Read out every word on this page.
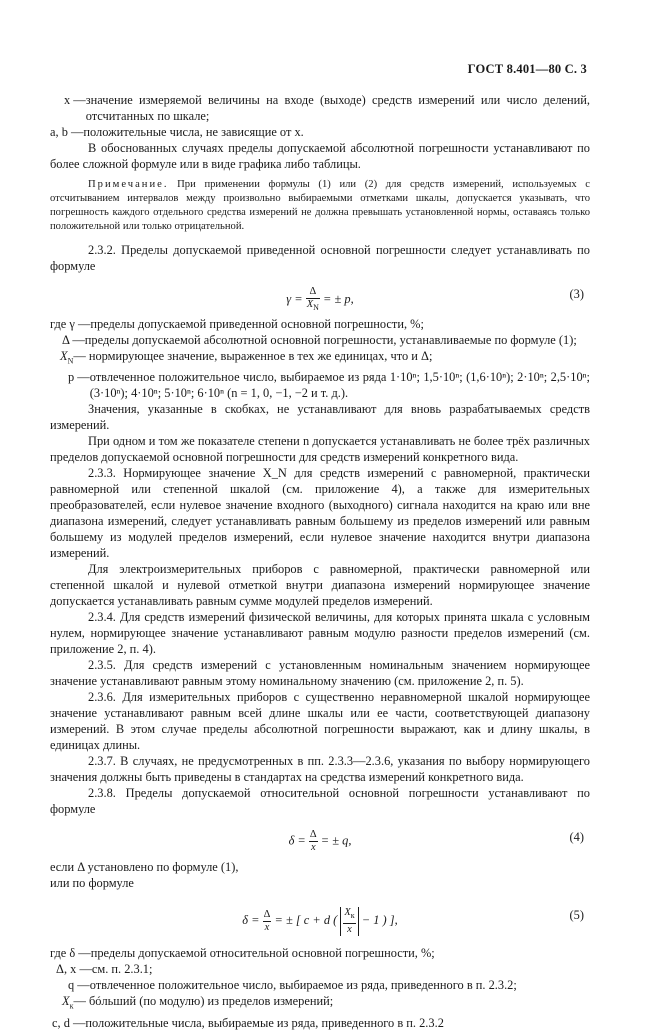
ГОСТ 8.401—80 С. 3
x — значение измеряемой величины на входе (выходе) средств измерений или число делений, отсчитанных по шкале;
a, b — положительные числа, не зависящие от x.

В обоснованных случаях пределы допускаемой абсолютной погрешности устанавливают по более сложной формуле или в виде графика либо таблицы.

Примечание. При применении формулы (1) или (2) для средств измерений, используемых с отсчитыванием интервалов между произвольно выбираемыми отметками шкалы, допускается указывать, что погрешность каждого отдельного средства измерений не должна превышать установленной нормы, оставаясь только положительной или только отрицательной.

2.3.2. Пределы допускаемой приведенной основной погрешности следует устанавливать по формуле

$\gamma = \frac{\Delta}{X_N}$ = ± p,	(3)
где γ — пределы допускаемой приведенной основной погрешности, %;
Δ — пределы допускаемой абсолютной основной погрешности, устанавливаемые по формуле (1);
$X_N$ — нормирующее значение, выраженное в тех же единицах, что и Δ;
p — отвлеченное положительное число, выбираемое из ряда 1·10ⁿ; 1,5·10ⁿ; (1,6·10ⁿ); 2·10ⁿ; 2,5·10ⁿ; (3·10ⁿ); 4·10ⁿ; 5·10ⁿ; 6·10ⁿ (n = 1, 0, −1, −2 и т. д.).

Значения, указанные в скобках, не устанавливают для вновь разрабатываемых средств измерений.

При одном и том же показателе степени n допускается устанавливать не более трёх различных пределов допускаемой основной погрешности для средств измерений конкретного вида.

2.3.3. Нормирующее значение X_N для средств измерений с равномерной, практически равномерной или степенной шкалой (см. приложение 4), а также для измерительных преобразователей, если нулевое значение входного (выходного) сигнала находится на краю или вне диапазона измерений, следует устанавливать равным большему из пределов измерений или равным большему из модулей пределов измерений, если нулевое значение находится внутри диапазона измерений.

Для электроизмерительных приборов с равномерной, практически равномерной или степенной шкалой и нулевой отметкой внутри диапазона измерений нормирующее значение допускается устанавливать равным сумме модулей пределов измерений.

2.3.4. Для средств измерений физической величины, для которых принята шкала с условным нулем, нормирующее значение устанавливают равным модулю разности пределов измерений (см. приложение 2, п. 4).

2.3.5. Для средств измерений с установленным номинальным значением нормирующее значение устанавливают равным этому номинальному значению (см. приложение 2, п. 5).

2.3.6. Для измерительных приборов с существенно неравномерной шкалой нормирующее значение устанавливают равным всей длине шкалы или ее части, соответствующей диапазону измерений. В этом случае пределы абсолютной погрешности выражают, как и длину шкалы, в единицах длины.

2.3.7. В случаях, не предусмотренных в пп. 2.3.3—2.3.6, указания по выбору нормирующего значения должны быть приведены в стандартах на средства измерений конкретного вида.

2.3.8. Пределы допускаемой относительной основной погрешности устанавливают по формуле

$\delta = \frac{\Delta}{x}$ = ± q,	(4)

если Δ установлено по формуле (1),

или по формуле

$\delta = \frac{\Delta}{x}$ = ± [ c + d ( $\frac{X_к}{x} - 1$ ) ],	(5)
где δ — пределы допускаемой относительной основной погрешности, %;
Δ, x — см. п. 2.3.1;
q — отвлеченное положительное число, выбираемое из ряда, приведенного в п. 2.3.2;
$X_к$ — бóльший (по модулю) из пределов измерений;
c, d — положительные числа, выбираемые из ряда, приведенного в п. 2.3.2
